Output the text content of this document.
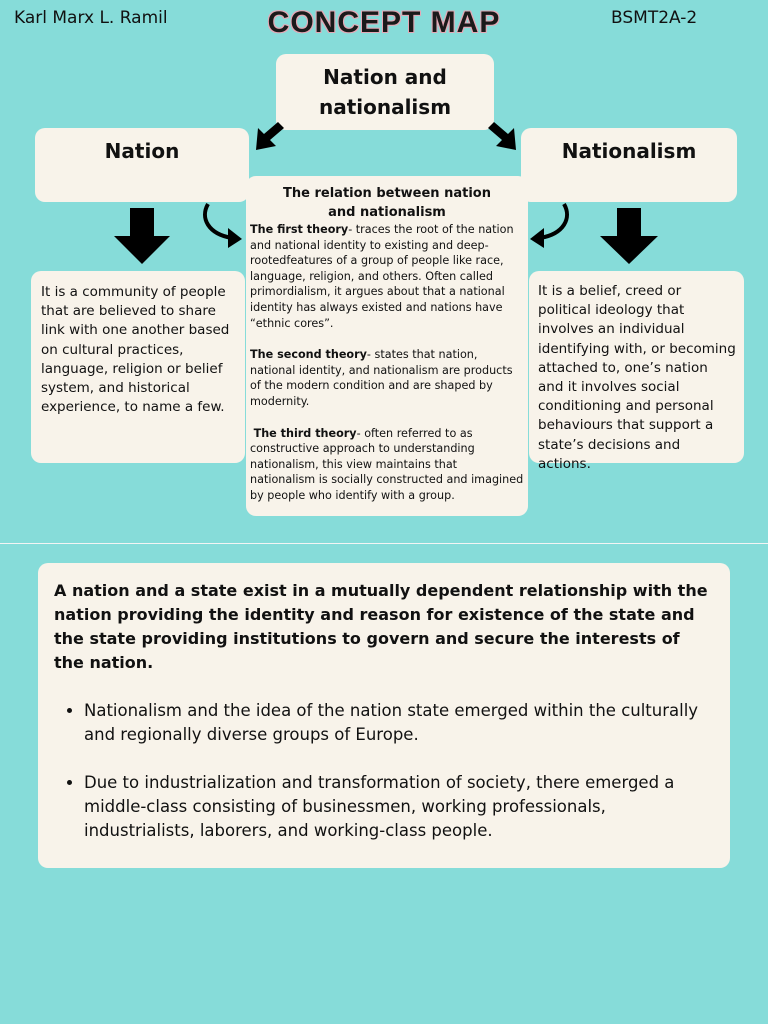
Karl Marx L. Ramil	CONCEPT MAP	BSMT2A-2
Nation and nationalism
Nation	Nationalism
It is a community of people that are believed to share link with one another based on cultural practices, language, religion or belief system, and historical experience, to name a few.
It is a belief, creed or political ideology that involves an individual identifying with, or becoming attached to, one’s nation and it involves social conditioning and personal behaviours that support a state’s decisions and actions.
The relation between nation and nationalism

The first theory- traces the root of the nation and national identity to existing and deep-rootedfeatures of a group of people like race, language, religion, and others. Often called primordialism, it argues about that a national identity has always existed and nations have “ethnic cores”.

The second theory- states that nation, national identity, and nationalism are products of the modern condition and are shaped by modernity.

The third theory- often referred to as constructive approach to understanding nationalism, this view maintains that nationalism is socially constructed and imagined by people who identify with a group.

A nation and a state exist in a mutually dependent relationship with the nation providing the identity and reason for existence of the state and the state providing institutions to govern and secure the interests of the nation.
• Nationalism and the idea of the nation state emerged within the culturally and regionally diverse groups of Europe.
• Due to industrialization and transformation of society, there emerged a middle-class consisting of businessmen, working professionals, industrialists, laborers, and working-class people.
